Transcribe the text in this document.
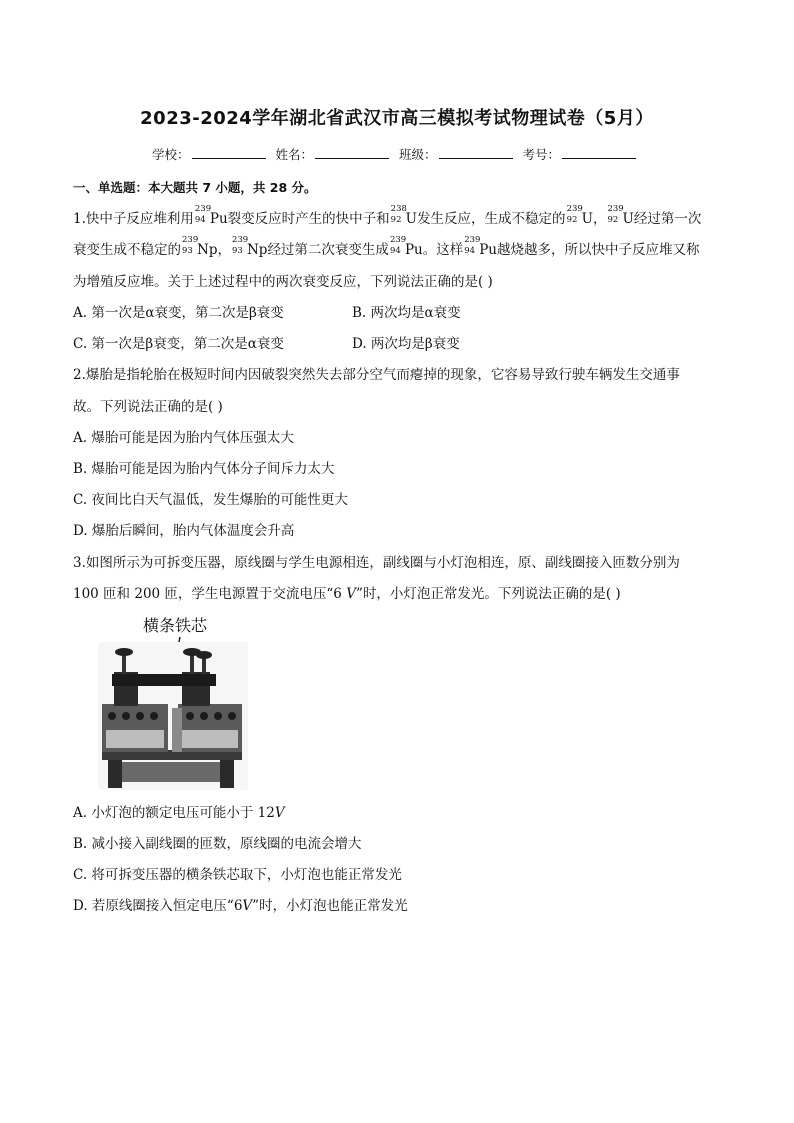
2023-2024学年湖北省武汉市高三模拟考试物理试卷（5月）
学校：	姓名：	班级：	考号：
一、单选题：本大题共 7 小题，共 28 分。
1.快中子反应堆利用
239
94 Pu裂变反应时产生的快中子和
238
92 U发生反应，生成不稳定的
239
92 U，
239
92 U经过第一次
衰变生成不稳定的
239
93 Np，
239
93 Np经过第二次衰变生成
239
94 Pu。这样
239
94 Pu越烧越多，所以快中子反应堆又称
为增殖反应堆。关于上述过程中的两次衰变反应，下列说法正确的是( )
A. 第一次是α衰变，第二次是β衰变	B. 两次均是α衰变
C. 第一次是β衰变，第二次是α衰变	D. 两次均是β衰变
2.爆胎是指轮胎在极短时间内因破裂突然失去部分空气而瘪掉的现象，它容易导致行驶车辆发生交通事
故。下列说法正确的是( )
A. 爆胎可能是因为胎内气体压强太大
B. 爆胎可能是因为胎内气体分子间斥力太大
C. 夜间比白天气温低，发生爆胎的可能性更大
D. 爆胎后瞬间，胎内气体温度会升高
3.如图所示为可拆变压器，原线圈与学生电源相连，副线圈与小灯泡相连，原、副线圈接入匝数分别为
100 匝和 200 匝，学生电源置于交流电压“6 V”时，小灯泡正常发光。下列说法正确的是( )
横条铁芯
A. 小灯泡的额定电压可能小于 12V
B. 减小接入副线圈的匝数，原线圈的电流会增大
C. 将可拆变压器的横条铁芯取下，小灯泡也能正常发光
D. 若原线圈接入恒定电压“6V”时，小灯泡也能正常发光
